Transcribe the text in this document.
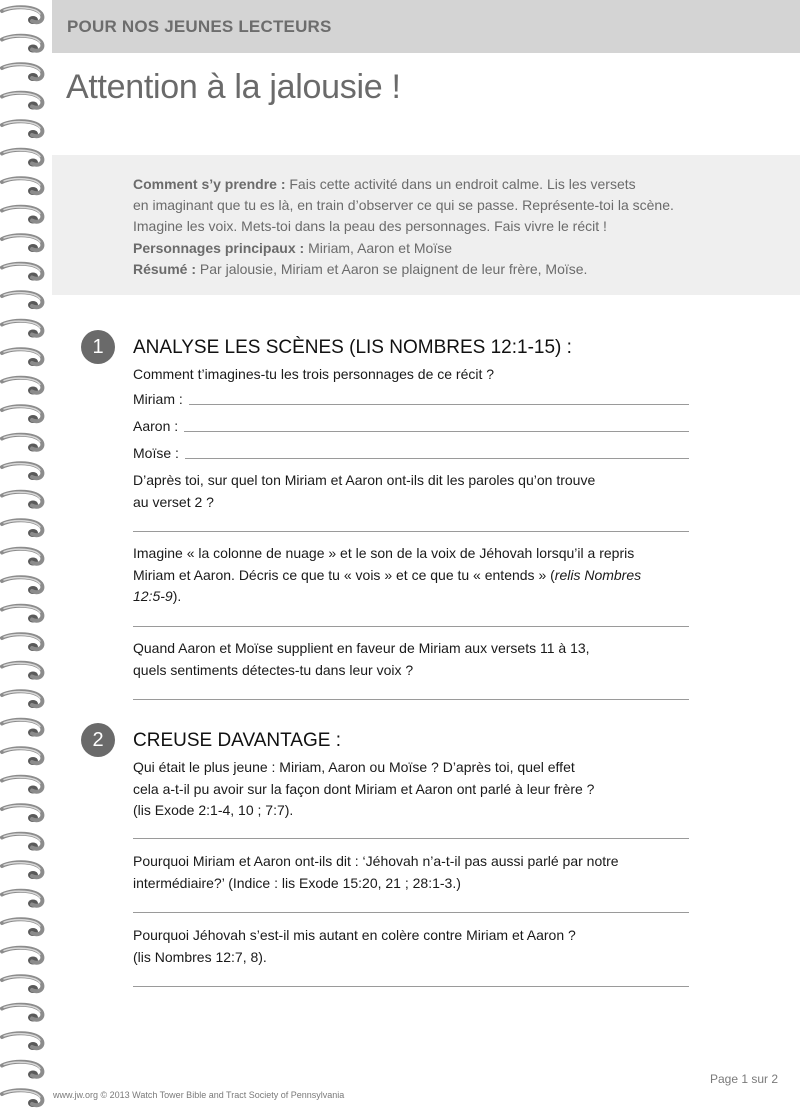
POUR NOS JEUNES LECTEURS
Attention à la jalousie !
Comment s’y prendre : Fais cette activité dans un endroit calme. Lis les versets
en imaginant que tu es là, en train d’observer ce qui se passe. Représente-toi la scène.
Imagine les voix. Mets-toi dans la peau des personnages. Fais vivre le récit !
Personnages principaux : Miriam, Aaron et Moïse
Résumé : Par jalousie, Miriam et Aaron se plaignent de leur frère, Moïse.
1	ANALYSE LES SCÈNES (LIS NOMBRES 12:1-15) :
Comment t’imagines-tu les trois personnages de ce récit ?
Miriam :
Aaron :
Moïse :
D’après toi, sur quel ton Miriam et Aaron ont-ils dit les paroles qu’on trouve
au verset 2 ?
Imagine « la colonne de nuage » et le son de la voix de Jéhovah lorsqu’il a repris
Miriam et Aaron. Décris ce que tu « vois » et ce que tu « entends » (relis Nombres
12:5-9).
Quand Aaron et Moïse supplient en faveur de Miriam aux versets 11 à 13,
quels sentiments détectes-tu dans leur voix ?
2	CREUSE DAVANTAGE :
Qui était le plus jeune : Miriam, Aaron ou Moïse ? D’après toi, quel effet
cela a-t-il pu avoir sur la façon dont Miriam et Aaron ont parlé à leur frère ?
(lis Exode 2:1-4, 10 ; 7:7).
Pourquoi Miriam et Aaron ont-ils dit : ‘Jéhovah n’a-t-il pas aussi parlé par notre
intermédiaire?’ (Indice : lis Exode 15:20, 21 ; 28:1-3.)
Pourquoi Jéhovah s’est-il mis autant en colère contre Miriam et Aaron ?
(lis Nombres 12:7, 8).
Page 1 sur 2
www.jw.org © 2013 Watch Tower Bible and Tract Society of Pennsylvania
